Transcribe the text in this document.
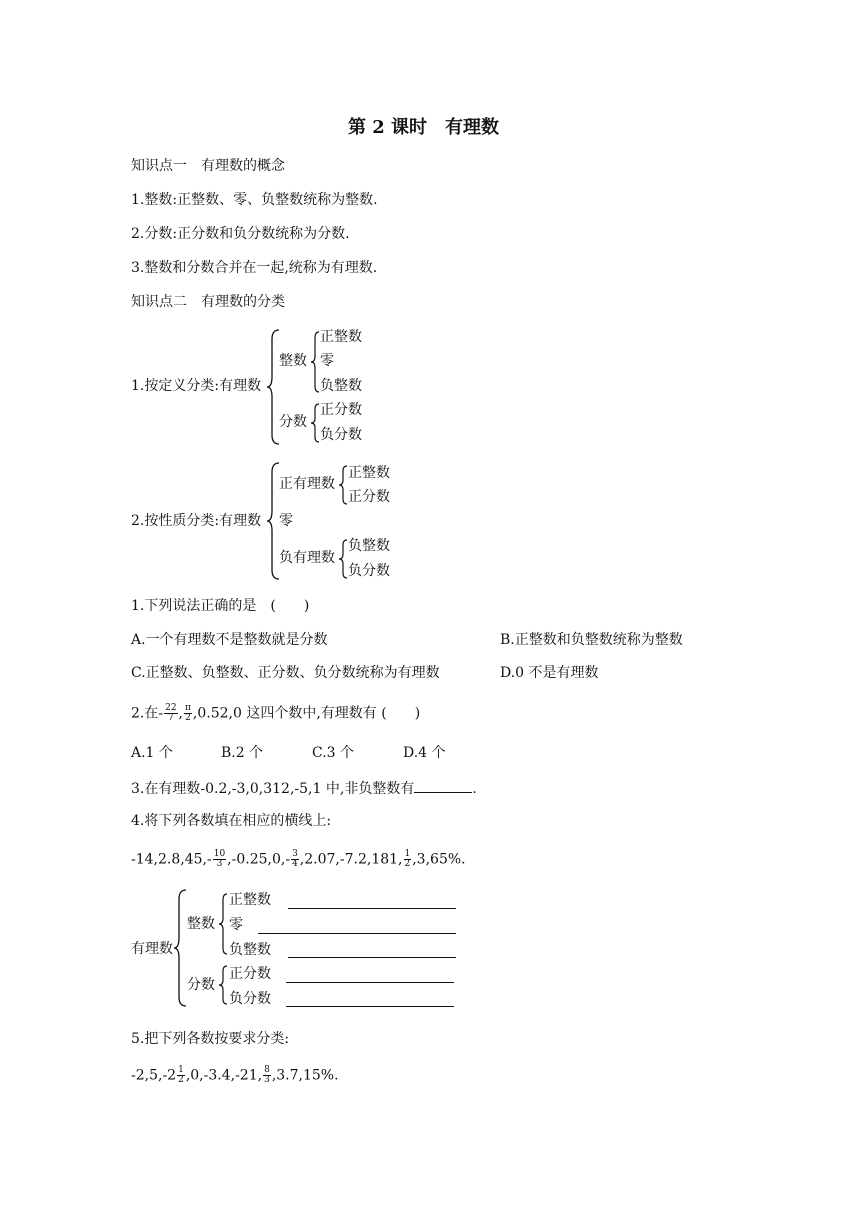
第 2 课时　有理数
知识点一　有理数的概念
1.整数:正整数、零、负整数统称为整数.
2.分数:正分数和负分数统称为分数.
3.整数和分数合并在一起,统称为有理数.
知识点二　有理数的分类
1.按定义分类:有理数
整数
正整数
零
负整数
分数
正分数
负分数
2.按性质分类:有理数
正有理数
正整数
正分数
零
负有理数
负整数
负分数
1.下列说法正确的是　(　　)
A.一个有理数不是整数就是分数	B.正整数和负整数统称为整数
C.正整数、负整数、正分数、负分数统称为有理数	D.0 不是有理数
2.在- $\frac{22}{7}$ , $\frac{\pi}{2} ,0.52,0$ 这四个数中,有理数有 (　　)
A.1 个	B.2 个	C.3 个	D.4 个
3.在有理数-0.2,-3,0,312,-5,1 中,非负整数有	.
4.将下列各数填在相应的横线上:
$-14,2.8,45,- \frac{10}{3} ,-0.25,0,- \frac{3}{4} ,2.07,-7.2,181$, $\frac{1}{2} ,3,65\%$.
有理数
整数
正整数
零
负整数
分数
正分数
负分数
5.把下列各数按要求分类:
$-2,5,-2 \frac{1}{2} ,0,-3.4,-21$, $\frac{8}{3} ,3.7,15\%$.
